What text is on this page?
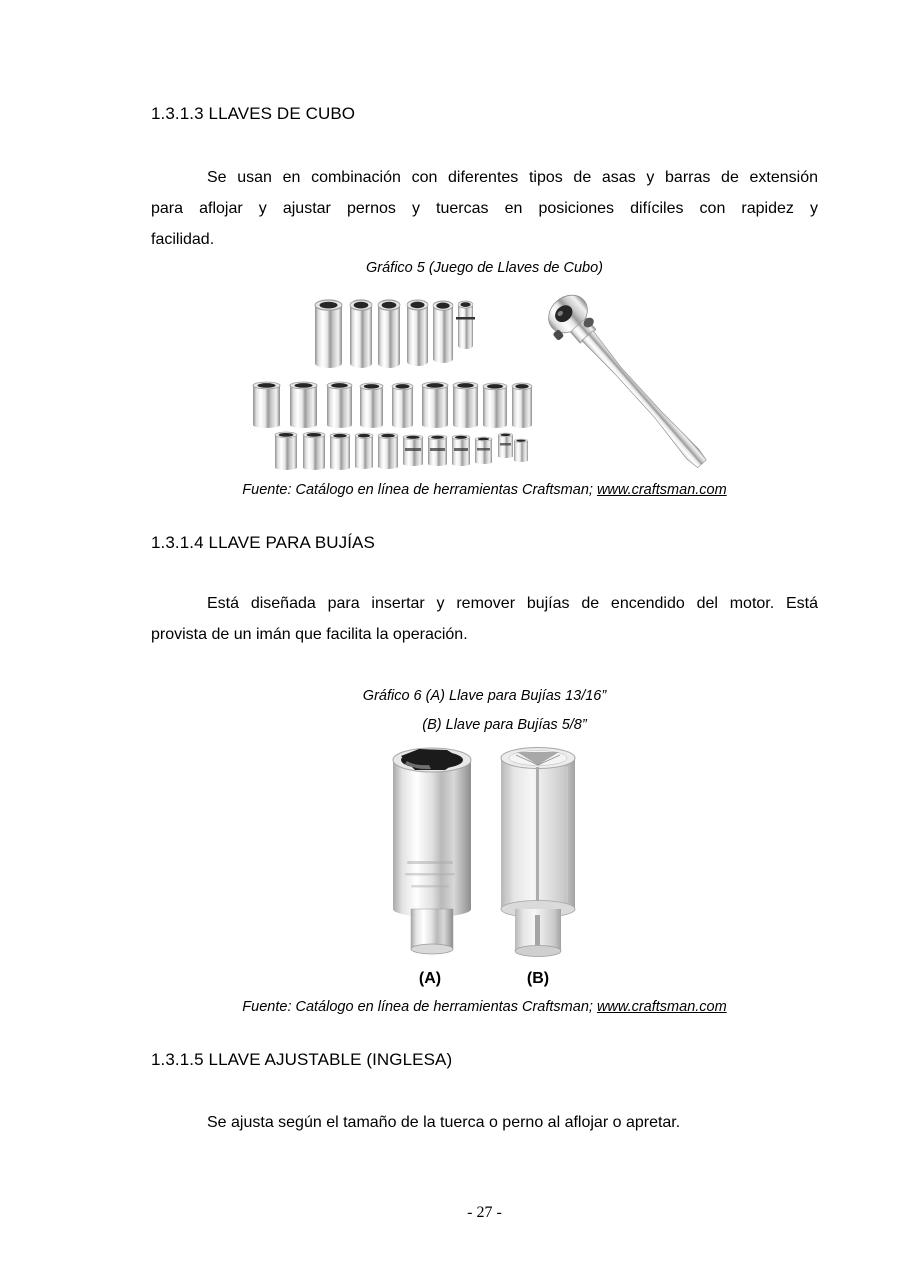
1.3.1.3 LLAVES DE CUBO
Se usan en combinación con diferentes tipos de asas y barras de extensión
para aflojar y ajustar pernos y tuercas en posiciones difíciles con rapidez y
facilidad.
Gráfico 5 (Juego de Llaves de Cubo)
Fuente: Catálogo en línea de herramientas Craftsman; www.craftsman.com
1.3.1.4 LLAVE PARA BUJÍAS
Está diseñada para insertar y remover bujías de encendido del motor. Está
provista de un imán que facilita la operación.
Gráfico 6 (A) Llave para Bujías 13/16”
(B) Llave para Bujías 5/8”
(A)	(B)
Fuente: Catálogo en línea de herramientas Craftsman; www.craftsman.com
1.3.1.5 LLAVE AJUSTABLE (INGLESA)
Se ajusta según el tamaño de la tuerca o perno al aflojar o apretar.
- 27 -
